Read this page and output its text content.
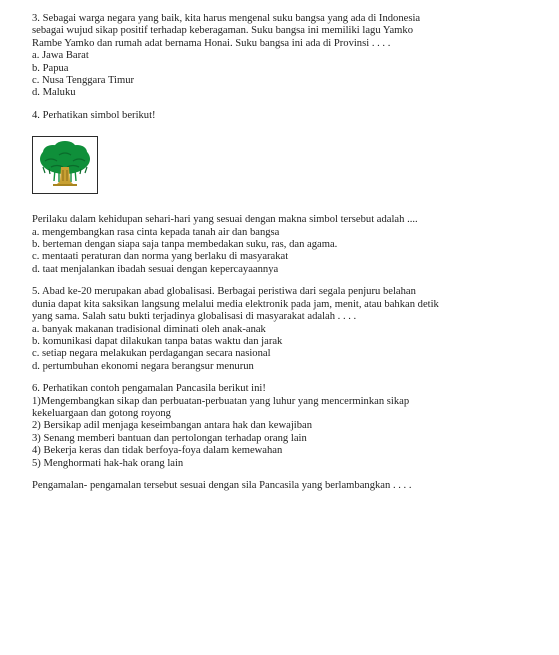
3. Sebagai warga negara yang baik, kita harus mengenal suku bangsa yang ada di Indonesia
sebagai wujud sikap positif terhadap keberagaman. Suku bangsa ini memiliki lagu Yamko
Rambe Yamko dan rumah adat bernama Honai. Suku bangsa ini ada di Provinsi . . . .
a. Jawa Barat
b. Papua
c. Nusa Tenggara Timur
d. Maluku
4. Perhatikan simbol berikut!
Perilaku dalam kehidupan sehari-hari yang sesuai dengan makna simbol tersebut adalah ....
a. mengembangkan rasa cinta kepada tanah air dan bangsa
b. berteman dengan siapa saja tanpa membedakan suku, ras, dan agama.
c. mentaati peraturan dan norma yang berlaku di masyarakat
d. taat menjalankan ibadah sesuai dengan kepercayaannya
5. Abad ke-20 merupakan abad globalisasi. Berbagai peristiwa dari segala penjuru belahan
dunia dapat kita saksikan langsung melalui media elektronik pada jam, menit, atau bahkan detik
yang sama. Salah satu bukti terjadinya globalisasi di masyarakat adalah . . . .
a. banyak makanan tradisional diminati oleh anak-anak
b. komunikasi dapat dilakukan tanpa batas waktu dan jarak
c. setiap negara melakukan perdagangan secara nasional
d. pertumbuhan ekonomi negara berangsur menurun
6. Perhatikan contoh pengamalan Pancasila berikut ini!
1)Mengembangkan sikap dan perbuatan-perbuatan yang luhur yang mencerminkan sikap
kekeluargaan dan gotong royong
2) Bersikap adil menjaga keseimbangan antara hak dan kewajiban
3) Senang memberi bantuan dan pertolongan terhadap orang lain
4) Bekerja keras dan tidak berfoya-foya dalam kemewahan
5) Menghormati hak-hak orang lain
Pengamalan- pengamalan tersebut sesuai dengan sila Pancasila yang berlambangkan . . . .
